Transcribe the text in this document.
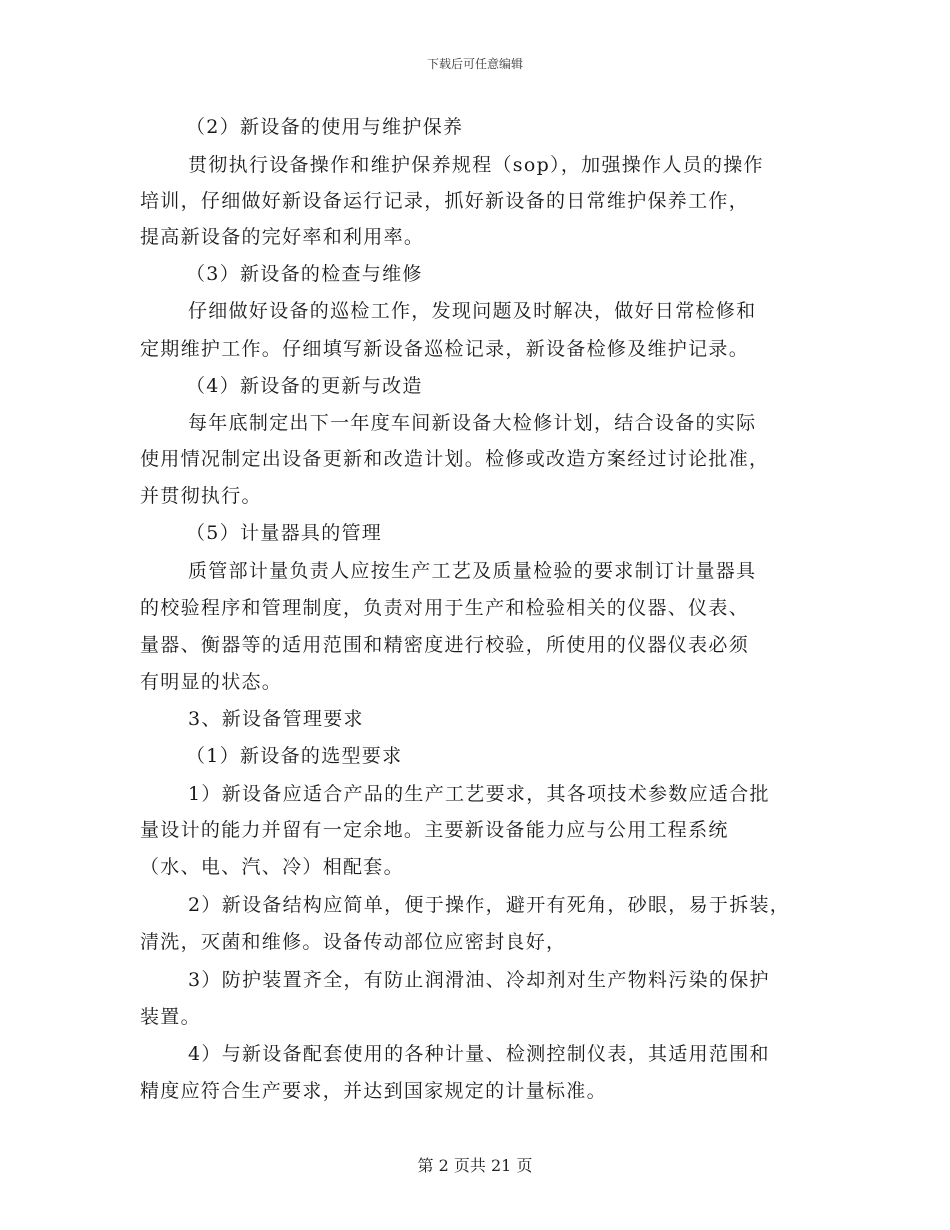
下载后可任意编辑
（2）新设备的使用与维护保养
贯彻执行设备操作和维护保养规程（sop），加强操作人员的操作
培训，仔细做好新设备运行记录，抓好新设备的日常维护保养工作，
提高新设备的完好率和利用率。
（3）新设备的检查与维修
仔细做好设备的巡检工作，发现问题及时解决，做好日常检修和
定期维护工作。仔细填写新设备巡检记录，新设备检修及维护记录。
（4）新设备的更新与改造
每年底制定出下一年度车间新设备大检修计划，结合设备的实际
使用情况制定出设备更新和改造计划。检修或改造方案经过讨论批准，
并贯彻执行。
（5）计量器具的管理
质管部计量负责人应按生产工艺及质量检验的要求制订计量器具
的校验程序和管理制度，负责对用于生产和检验相关的仪器、仪表、
量器、衡器等的适用范围和精密度进行校验，所使用的仪器仪表必须
有明显的状态。
3、新设备管理要求
（1）新设备的选型要求
1）新设备应适合产品的生产工艺要求，其各项技术参数应适合批
量设计的能力并留有一定余地。主要新设备能力应与公用工程系统
（水、电、汽、冷）相配套。
2）新设备结构应简单，便于操作，避开有死角，砂眼，易于拆装，
清洗，灭菌和维修。设备传动部位应密封良好，
3）防护装置齐全，有防止润滑油、冷却剂对生产物料污染的保护
装置。
4）与新设备配套使用的各种计量、检测控制仪表，其适用范围和
精度应符合生产要求，并达到国家规定的计量标准。
第 2 页共 21 页
